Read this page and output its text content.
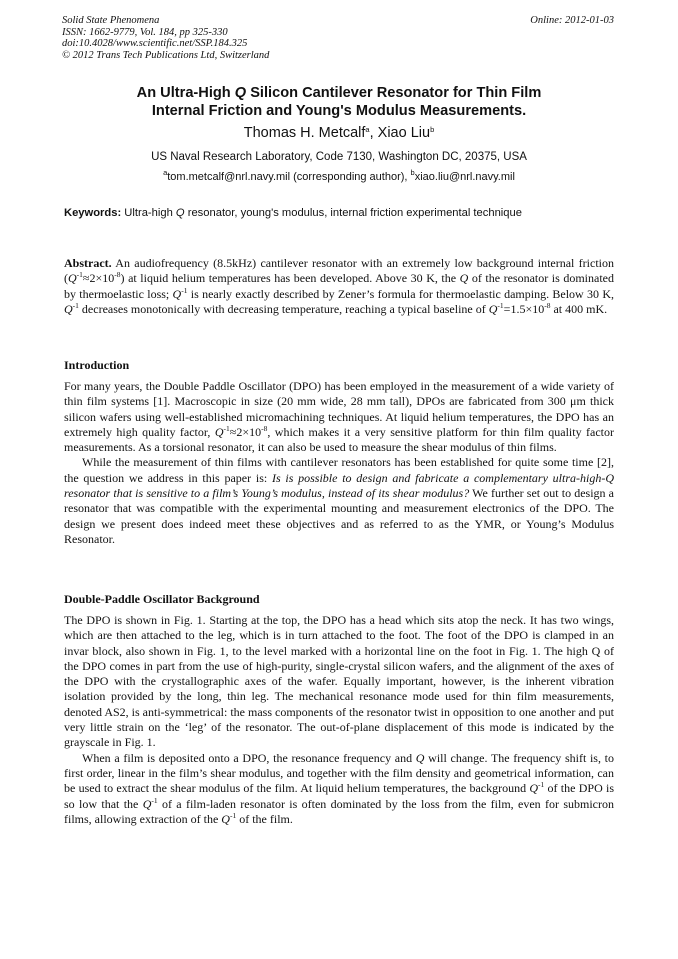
Solid State Phenomena
ISSN: 1662-9779, Vol. 184, pp 325-330
doi:10.4028/www.scientific.net/SSP.184.325
© 2012 Trans Tech Publications Ltd, Switzerland
Online: 2012-01-03
An Ultra-High Q Silicon Cantilever Resonator for Thin Film
Internal Friction and Young's Modulus Measurements.
Thomas H. Metcalf$^a$, Xiao Liu$^b$
US Naval Research Laboratory, Code 7130, Washington DC, 20375, USA
$^a$tom.metcalf@nrl.navy.mil (corresponding author), $^b$xiao.liu@nrl.navy.mil
Keywords: Ultra-high Q resonator, young's modulus, internal friction experimental technique

Abstract. An audiofrequency (8.5kHz) cantilever resonator with an extremely low background internal friction $(Q^{-1}\approx 2\times 10^{-8})$ at liquid helium temperatures has been developed. Above 30 K, the Q of the resonator is dominated by thermoelastic loss; $Q^{-1}$ is nearly exactly described by Zener’s formula for thermoelastic damping. Below 30 K, $Q^{-1}$ decreases monotonically with decreasing temperature, reaching a typical baseline of $Q^{-1}=1.5\times 10^{-8}$ at 400 mK.

Introduction

For many years, the Double Paddle Oscillator (DPO) has been employed in the measurement of a wide variety of thin film systems [1]. Macroscopic in size (20 mm wide, 28 mm tall), DPOs are fabricated from 300 μm thick silicon wafers using well-established micromachining techniques. At liquid helium temperatures, the DPO has an extremely high quality factor, $Q^{-1}\approx 2\times 10^{-8}$, which makes it a very sensitive platform for thin film quality factor measurements. As a torsional resonator, it can also be used to measure the shear modulus of thin films.

While the measurement of thin films with cantilever resonators has been established for quite some time [2], the question we address in this paper is: Is is possible to design and fabricate a complementary ultra-high-Q resonator that is sensitive to a film’s Young’s modulus, instead of its shear modulus? We further set out to design a resonator that was compatible with the experimental mounting and measurement electronics of the DPO. The design we present does indeed meet these objectives and as referred to as the YMR, or Young’s Modulus Resonator.

Double-Paddle Oscillator Background

The DPO is shown in Fig. 1. Starting at the top, the DPO has a head which sits atop the neck. It has two wings, which are then attached to the leg, which is in turn attached to the foot. The foot of the DPO is clamped in an invar block, also shown in Fig. 1, to the level marked with a horizontal line on the foot in Fig. 1. The high Q of the DPO comes in part from the use of high-purity, single-crystal silicon wafers, and the alignment of the axes of the DPO with the crystallographic axes of the wafer. Equally important, however, is the inherent vibration isolation provided by the long, thin leg. The mechanical resonance mode used for thin film measurements, denoted AS2, is anti-symmetrical: the mass components of the resonator twist in opposition to one another and put very little strain on the ‘leg’ of the resonator. The out-of-plane displacement of this mode is indicated by the grayscale in Fig. 1.

When a film is deposited onto a DPO, the resonance frequency and Q will change. The frequency shift is, to first order, linear in the film’s shear modulus, and together with the film density and geometrical information, can be used to extract the shear modulus of the film. At liquid helium temperatures, the background $Q^{-1}$ of the DPO is so low that the $Q^{-1}$ of a film-laden resonator is often dominated by the loss from the film, even for submicron films, allowing extraction of the $Q^{-1}$ of the film.
